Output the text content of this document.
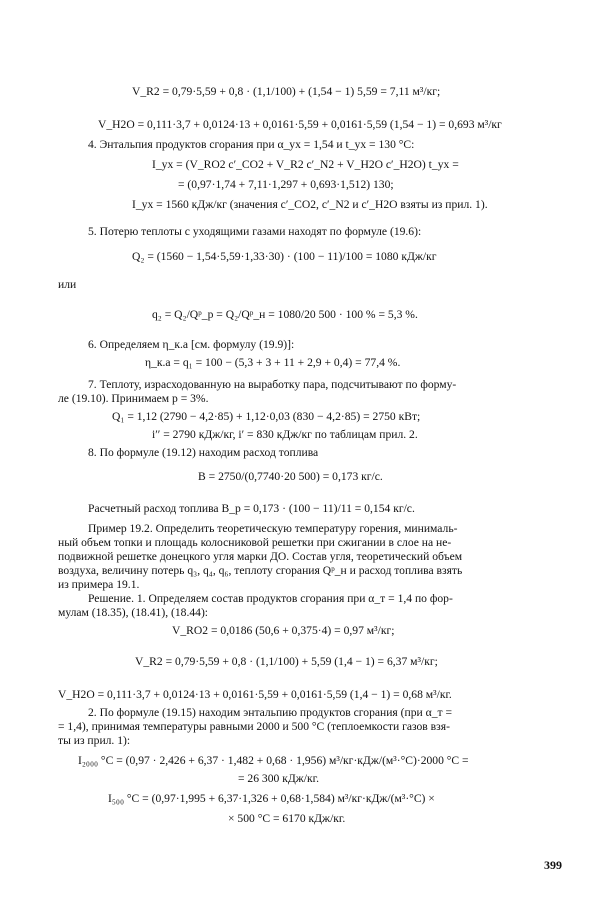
V_R2 = 0,79·5,59 + 0,8 · (1,1/100) + (1,54 − 1) 5,59 = 7,11 м³/кг;
V_H2O = 0,111·3,7 + 0,0124·13 + 0,0161·5,59 + 0,0161·5,59 (1,54 − 1) = 0,693 м³/кг
4. Энтальпия продуктов сгорания при α_ух = 1,54 и t_ух = 130 °С:
I_ух = (V_RO2 c′_CO2 + V_R2 c′_N2 + V_H2O c′_H2O) t_ух =
= (0,97·1,74 + 7,11·1,297 + 0,693·1,512) 130;
I_ух = 1560 кДж/кг (значения c′_CO2, c′_N2 и c′_H2O взяты из прил. 1).
5. Потерю теплоты с уходящими газами находят по формуле (19.6):
Q₂ = (1560 − 1,54·5,59·1,33·30) · (100 − 11)/100 = 1080 кДж/кг
или
q₂ = Q₂/Qᵖ_р = Q₂/Qᵖ_н = 1080/20 500 · 100 % = 5,3 %.
6. Определяем η_к.а [см. формулу (19.9)]:
η_к.а = q₁ = 100 − (5,3 + 3 + 11 + 2,9 + 0,4) = 77,4 %.
7. Теплоту, израсходованную на выработку пара, подсчитывают по форму-
ле (19.10). Принимаем p = 3%.
Q₁ = 1,12 (2790 − 4,2·85) + 1,12·0,03 (830 − 4,2·85) = 2750 кВт;
i′′ = 2790 кДж/кг, i′ = 830 кДж/кг по таблицам прил. 2.
8. По формуле (19.12) находим расход топлива
B = 2750/(0,7740·20 500) = 0,173 кг/с.
Расчетный расход топлива B_р = 0,173 · (100 − 11)/11 = 0,154 кг/с.
Пример 19.2. Определить теоретическую температуру горения, минималь-
ный объем топки и площадь колосниковой решетки при сжигании в слое на не-
подвижной решетке донецкого угля марки ДО. Состав угля, теоретический объем
воздуха, величину потерь q₃, q₄, q₆, теплоту сгорания Qᵖ_н и расход топлива взять
из примера 19.1.
Решение. 1. Определяем состав продуктов сгорания при α_т = 1,4 по фор-
мулам (18.35), (18.41), (18.44):
V_RO2 = 0,0186 (50,6 + 0,375·4) = 0,97 м³/кг;
V_R2 = 0,79·5,59 + 0,8 · (1,1/100) + 5,59 (1,4 − 1) = 6,37 м³/кг;
V_H2O = 0,111·3,7 + 0,0124·13 + 0,0161·5,59 + 0,0161·5,59 (1,4 − 1) = 0,68 м³/кг.
2. По формуле (19.15) находим энтальпию продуктов сгорания (при α_т =
= 1,4), принимая температуры равными 2000 и 500 °С (теплоемкости газов взя-
ты из прил. 1):
I₂₀₀₀ °С = (0,97 · 2,426 + 6,37 · 1,482 + 0,68 · 1,956) м³/кг·кДж/(м³·°С)·2000 °С =
= 26 300 кДж/кг.
I₅₀₀ °С = (0,97·1,995 + 6,37·1,326 + 0,68·1,584) м³/кг·кДж/(м³·°С) ×
× 500 °С = 6170 кДж/кг.
399
